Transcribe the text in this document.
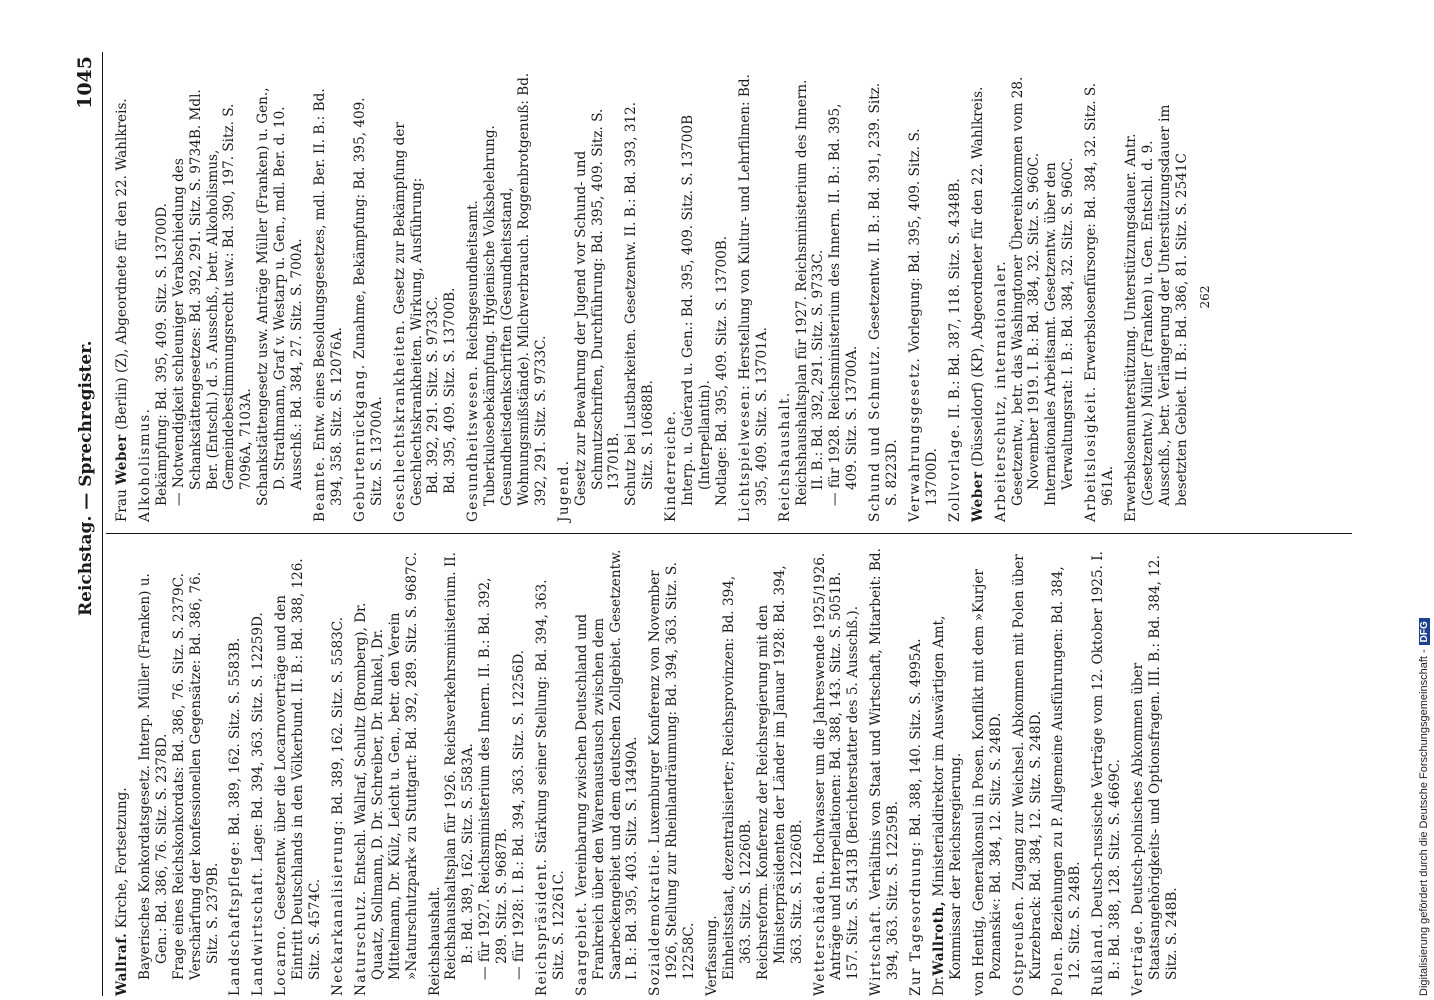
Reichstag. — Sprechregister.
1045

Wallraf. Kirche, Fortsetzung. Bayerisches Konkordatsgesetz. Interp. Müller (Franken) u. Gen.: Bd. 386, 76. Sitz. S. 2378D. Frage eines Reichskonkordats: Bd. 386, 76. Sitz. S. 2379C. Verschärfung der konfessionellen Gegensätze: Bd. 386, 76. Sitz. S. 2379B. Landschaftspflege: Bd. 389, 162. Sitz. S. 5583B.

Landwirtschaft. Lage: Bd. 394, 363. Sitz. S. 12259D.

Locarno. Gesetzentw. über die Locarnoverträge und den Eintritt Deutschlands in den Völkerbund. II. B.: Bd. 388, 126. Sitz. S. 4574C. Neckarkanalisierung: Bd. 389, 162. Sitz. S. 5583C.

Naturschutz. Entschl. Wallraf, Schultz (Bromberg), Dr. Quaatz, Sollmann, D. Dr. Schreiber, Dr. Runkel, Dr. Mittelmann, Dr. Külz, Leicht u. Gen., betr. den Verein »Naturschutzpark« zu Stuttgart: Bd. 392, 289. Sitz. S. 9687C. Reichshaushalt. Reichshaushaltsplan für 1926. Reichsverkehrsministerium. II. B.: Bd. 389, 162. Sitz. S. 5583A. — für 1927. Reichsministerium des Innern. II. B.: Bd. 392, 289. Sitz. S. 9687B. — für 1928: I. B.: Bd. 394, 363. Sitz. S. 12256D. Reichspräsident. Stärkung seiner Stellung: Bd. 394, 363. Sitz. S. 12261C. Saargebiet. Vereinbarung zwischen Deutschland und Frankreich über den Warenaustausch zwischen dem Saarbeckengebiet und dem deutschen Zollgebiet. Gesetzentw. I. B.: Bd. 395, 403. Sitz. S. 13490A. Sozialdemokratie. Luxemburger Konferenz von November 1926, Stellung zur Rheinlandräumung: Bd. 394, 363. Sitz. S. 12258C. Verfassung. Einheitsstaat, dezentralisierter; Reichsprovinzen: Bd. 394, 363. Sitz. S. 12260B. Reichsreform. Konferenz der Reichsregierung mit den Ministerpräsidenten der Länder im Januar 1928: Bd. 394, 363. Sitz. S. 12260B. Wetterschäden. Hochwasser um die Jahreswende 1925/1926. Anträge und Interpellationen: Bd. 388, 143. Sitz. S. 5051B. 157. Sitz. S. 5413B (Berichterstatter des 5. Ausschß.). Wirtschaft. Verhältnis von Staat und Wirtschaft, Mitarbeit: Bd. 394, 363. Sitz. S. 12259B. Zur Tagesordnung: Bd. 388, 140. Sitz. S. 4995A.

Dr.Wallroth, Ministerialdirektor im Auswärtigen Amt, Kommissar der Reichsregierung. von Hentig, Generalkonsul in Posen. Konflikt mit dem »Kurjer Poznanski«: Bd. 384, 12. Sitz. S. 248D. Ostpreußen. Zugang zur Weichsel. Abkommen mit Polen über Kurzebrack: Bd. 384, 12. Sitz. S. 248D. Polen. Beziehungen zu P. Allgemeine Ausführungen: Bd. 384, 12. Sitz. S. 248B. Rußland. Deutsch-russische Verträge vom 12. Oktober 1925. I. B.: Bd. 388, 128. Sitz. S. 4669C. Verträge. Deutsch-polnisches Abkommen über Staatsangehörigkeits- und Optionsfragen. III. B.: Bd. 384, 12. Sitz. S. 248B.

Frau Weber (Berlin) (Z), Abgeordnete für den 22. Wahlkreis.

Alkoholismus. Bekämpfung: Bd. 395, 409. Sitz. S. 13700D. — Notwendigkeit schleuniger Verabschiedung des Schankstättengesetzes: Bd. 392, 291. Sitz. S. 9734B. Mdl. Ber. (Entschl.) d. 5. Ausschß., betr. Alkoholismus, Gemeindebestimmungsrecht usw.: Bd. 390, 197. Sitz. S. 7096A, 7103A. Schankstättengesetz usw. Anträge Müller (Franken) u. Gen., D. Strathmann, Graf v. Westarp u. Gen., mdl. Ber. d. 10. Ausschß.: Bd. 384, 27. Sitz. S. 700A. Beamte. Entw. eines Besoldungsgesetzes, mdl. Ber. II. B.: Bd. 394, 358. Sitz. S. 12076A. Geburtenrückgang. Zunahme, Bekämpfung: Bd. 395, 409. Sitz. S. 13700A. Geschlechtskrankheiten. Gesetz zur Bekämpfung der Geschlechtskrankheiten. Wirkung, Ausführung: Bd. 392, 291. Sitz. S. 9733C. Bd. 395, 409. Sitz. S. 13700B. Gesundheitswesen. Reichsgesundheitsamt. Tuberkulosebekämpfung. Hygienische Volksbelehrung. Gesundheitsdenkschriften (Gesundheitsstand, Wohnungsmißstände). Milchverbrauch. Roggenbrotgenuß: Bd. 392, 291. Sitz. S. 9733C. Jugend. Gesetz zur Bewahrung der Jugend vor Schund- und Schmutzschriften, Durchführung: Bd. 395, 409. Sitz. S. 13701B. Schutz bei Lustbarkeiten. Gesetzentw. II. B.: Bd. 393, 312. Sitz. S. 10688B. Kinderreiche. Interp. u. Guérard u. Gen.: Bd. 395, 409. Sitz. S. 13700B (Interpellantin). Notlage: Bd. 395, 409. Sitz. S. 13700B. Lichtspielwesen: Herstellung von Kultur- und Lehrfilmen: Bd. 395, 409. Sitz. S. 13701A. Reichshaushalt. Reichshaushaltsplan für 1927. Reichsministerium des Innern. II. B.: Bd. 392, 291. Sitz. S. 9733C. — für 1928. Reichsministerium des Innern. II. B.: Bd. 395, 409. Sitz. S. 13700A. Schund und Schmutz. Gesetzentw. II. B.: Bd. 391, 239. Sitz. S. 8223D. Verwahrungsgesetz. Vorlegung: Bd. 395, 409. Sitz. S. 13700D. Zollvorlage. II. B.: Bd. 387, 118. Sitz. S. 4348B.

Weber (Düsseldorf) (KP), Abgeordneter für den 22. Wahlkreis. Arbeiterschutz, internationaler. Gesetzentw., betr. das Washingtoner Übereinkommen vom 28. November 1919. I. B.: Bd. 384, 32. Sitz. S. 960C. Internationales Arbeitsamt. Gesetzentw. über den Verwaltungsrat: I. B.: Bd. 384, 32. Sitz. S. 960C. Arbeitslosigkeit. Erwerbslosenfürsorge: Bd. 384, 32. Sitz. S. 961A. Erwerbslosenunterstützung. Unterstützungsdauer. Antr. (Gesetzentw.) Müller (Franken) u. Gen. Entschl. d. 9. Ausschß., betr. Verlängerung der Unterstützungsdauer im besetzten Gebiet. II. B.: Bd. 386, 81. Sitz. S. 2541C 262
Digitalisierung gefördert durch die Deutsche Forschungsgemeinschaft -DFG
